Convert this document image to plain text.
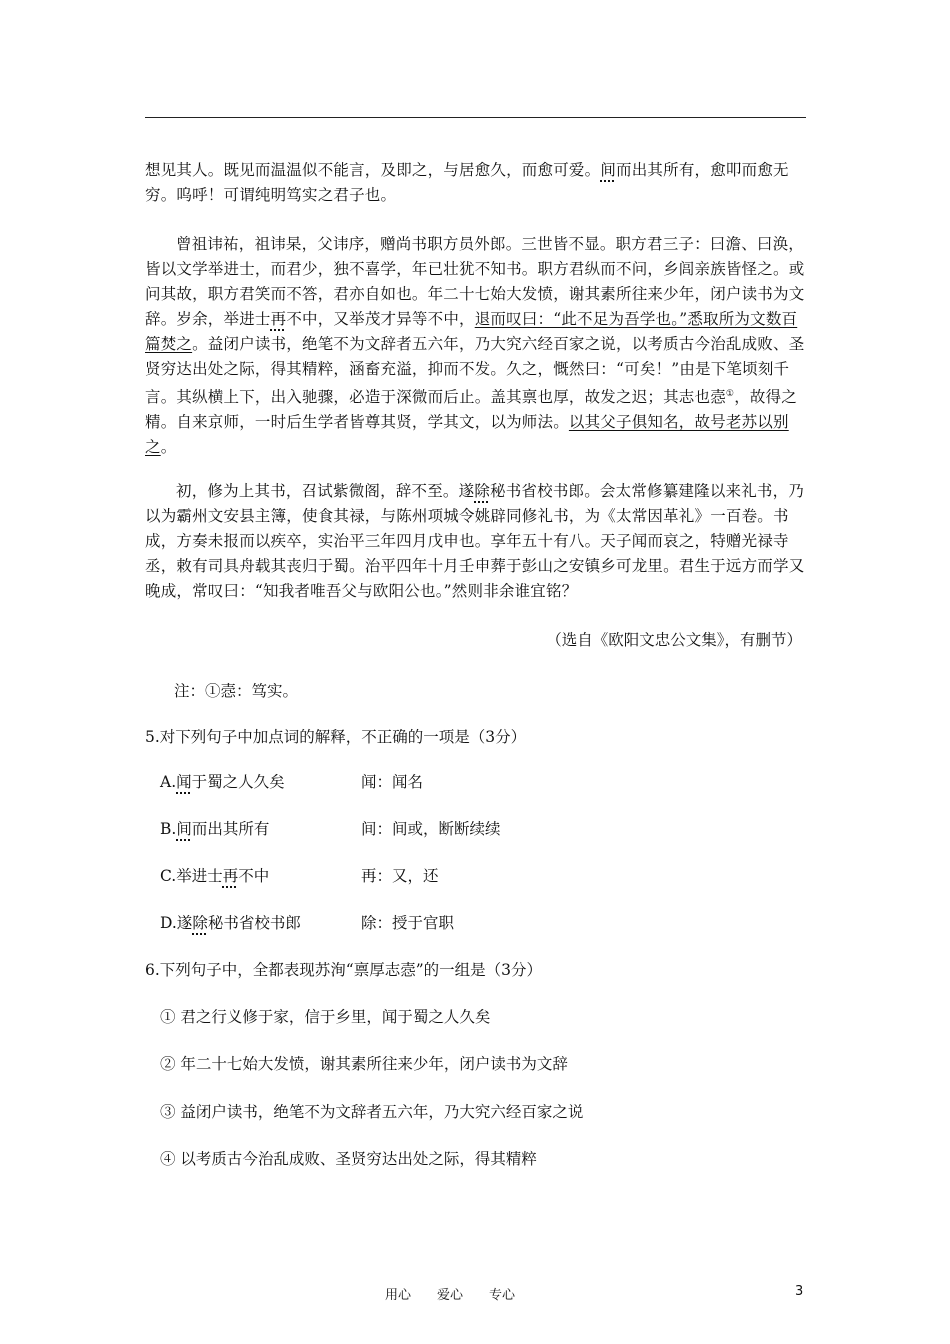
想见其人。既见而温温似不能言，及即之，与居愈久，而愈可爱。间而出其所有，愈叩而愈无穷。呜呼！可谓纯明笃实之君子也。
曾祖讳祐，祖讳杲，父讳序，赠尚书职方员外郎。三世皆不显。职方君三子：曰澹、曰涣，皆以文学举进士，而君少，独不喜学，年已壮犹不知书。职方君纵而不问，乡闾亲族皆怪之。或问其故，职方君笑而不答，君亦自如也。年二十七始大发愤，谢其素所往来少年，闭户读书为文辞。岁余，举进士再不中，又举茂才异等不中，退而叹曰：“此不足为吾学也。”悉取所为文数百篇焚之。益闭户读书，绝笔不为文辞者五六年，乃大究六经百家之说，以考质古今治乱成败、圣贤穷达出处之际，得其精粹，涵畜充溢，抑而不发。久之，慨然曰：“可矣！”由是下笔顷刻千言。其纵横上下，出入驰骤，必造于深微而后止。盖其禀也厚，故发之迟；其志也悫①，故得之精。自来京师，一时后生学者皆尊其贤，学其文，以为师法。以其父子俱知名，故号老苏以别之。
初，修为上其书，召试紫微阁，辞不至。遂除秘书省校书郎。会太常修纂建隆以来礼书，乃以为霸州文安县主簿，使食其禄，与陈州项城令姚辟同修礼书，为《太常因革礼》一百卷。书成，方奏未报而以疾卒，实治平三年四月戊申也。享年五十有八。天子闻而哀之，特赠光禄寺丞，敕有司具舟载其丧归于蜀。治平四年十月壬申葬于彭山之安镇乡可龙里。君生于远方而学又晚成，常叹曰：“知我者唯吾父与欧阳公也。”然则非余谁宜铭？
（选自《欧阳文忠公文集》，有删节）
注：①悫：笃实。
5.对下列句子中加点词的解释，不正确的一项是（3分）
A.闻于蜀之人久矣	闻：闻名
B.间而出其所有	间：间或，断断续续
C.举进士再不中	再：又，还
D.遂除秘书省校书郎	除：授于官职
6.下列句子中，全都表现苏洵“禀厚志悫”的一组是（3分）
① 君之行义修于家，信于乡里，闻于蜀之人久矣
② 年二十七始大发愤，谢其素所往来少年，闭户读书为文辞
③ 益闭户读书，绝笔不为文辞者五六年，乃大究六经百家之说
④ 以考质古今治乱成败、圣贤穷达出处之际，得其精粹
用心 爱心 专心	3
